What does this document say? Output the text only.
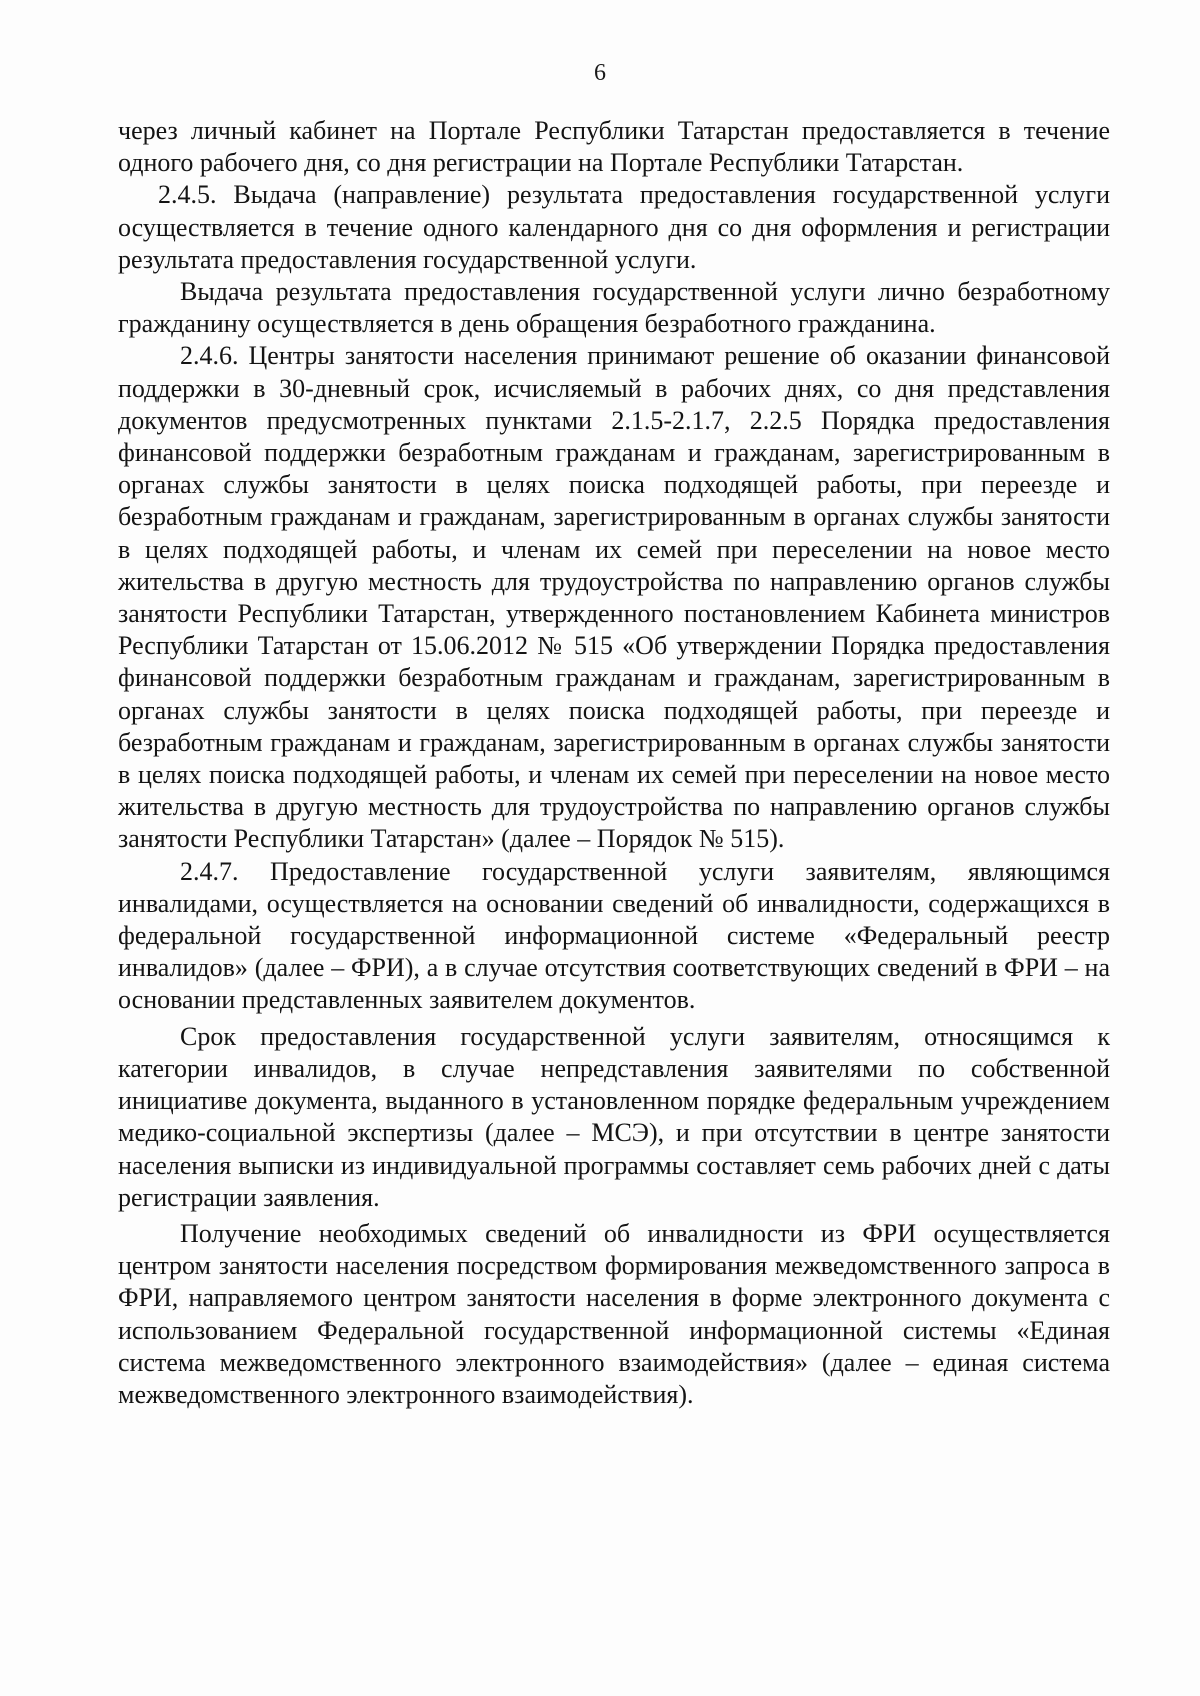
6

через личный кабинет на Портале Республики Татарстан предоставляется в течение одного рабочего дня, со дня регистрации на Портале Республики Татарстан.

2.4.5. Выдача (направление) результата предоставления государственной услуги осуществляется в течение одного календарного дня со дня оформления и регистрации результата предоставления государственной услуги.

Выдача результата предоставления государственной услуги лично безработному гражданину осуществляется в день обращения безработного гражданина.

2.4.6. Центры занятости населения принимают решение об оказании финансовой поддержки в 30-дневный срок, исчисляемый в рабочих днях, со дня представления документов предусмотренных пунктами 2.1.5-2.1.7, 2.2.5 Порядка предоставления финансовой поддержки безработным гражданам и гражданам, зарегистрированным в органах службы занятости в целях поиска подходящей работы, при переезде и безработным гражданам и гражданам, зарегистрированным в органах службы занятости в целях подходящей работы, и членам их семей при переселении на новое место жительства в другую местность для трудоустройства по направлению органов службы занятости Республики Татарстан, утвержденного постановлением Кабинета министров Республики Татарстан от 15.06.2012 № 515 «Об утверждении Порядка предоставления финансовой поддержки безработным гражданам и гражданам, зарегистрированным в органах службы занятости в целях поиска подходящей работы, при переезде и безработным гражданам и гражданам, зарегистрированным в органах службы занятости в целях поиска подходящей работы, и членам их семей при переселении на новое место жительства в другую местность для трудоустройства по направлению органов службы занятости Республики Татарстан» (далее – Порядок № 515).

2.4.7. Предоставление государственной услуги заявителям, являющимся инвалидами, осуществляется на основании сведений об инвалидности, содержащихся в федеральной государственной информационной системе «Федеральный реестр инвалидов» (далее – ФРИ), а в случае отсутствия соответствующих сведений в ФРИ – на основании представленных заявителем документов.

Срок предоставления государственной услуги заявителям, относящимся к категории инвалидов, в случае непредставления заявителями по собственной инициативе документа, выданного в установленном порядке федеральным учреждением медико-социальной экспертизы (далее – МСЭ), и при отсутствии в центре занятости населения выписки из индивидуальной программы составляет семь рабочих дней с даты регистрации заявления.

Получение необходимых сведений об инвалидности из ФРИ осуществляется центром занятости населения посредством формирования межведомственного запроса в ФРИ, направляемого центром занятости населения в форме электронного документа с использованием Федеральной государственной информационной системы «Единая система межведомственного электронного взаимодействия» (далее – единая система межведомственного электронного взаимодействия).
